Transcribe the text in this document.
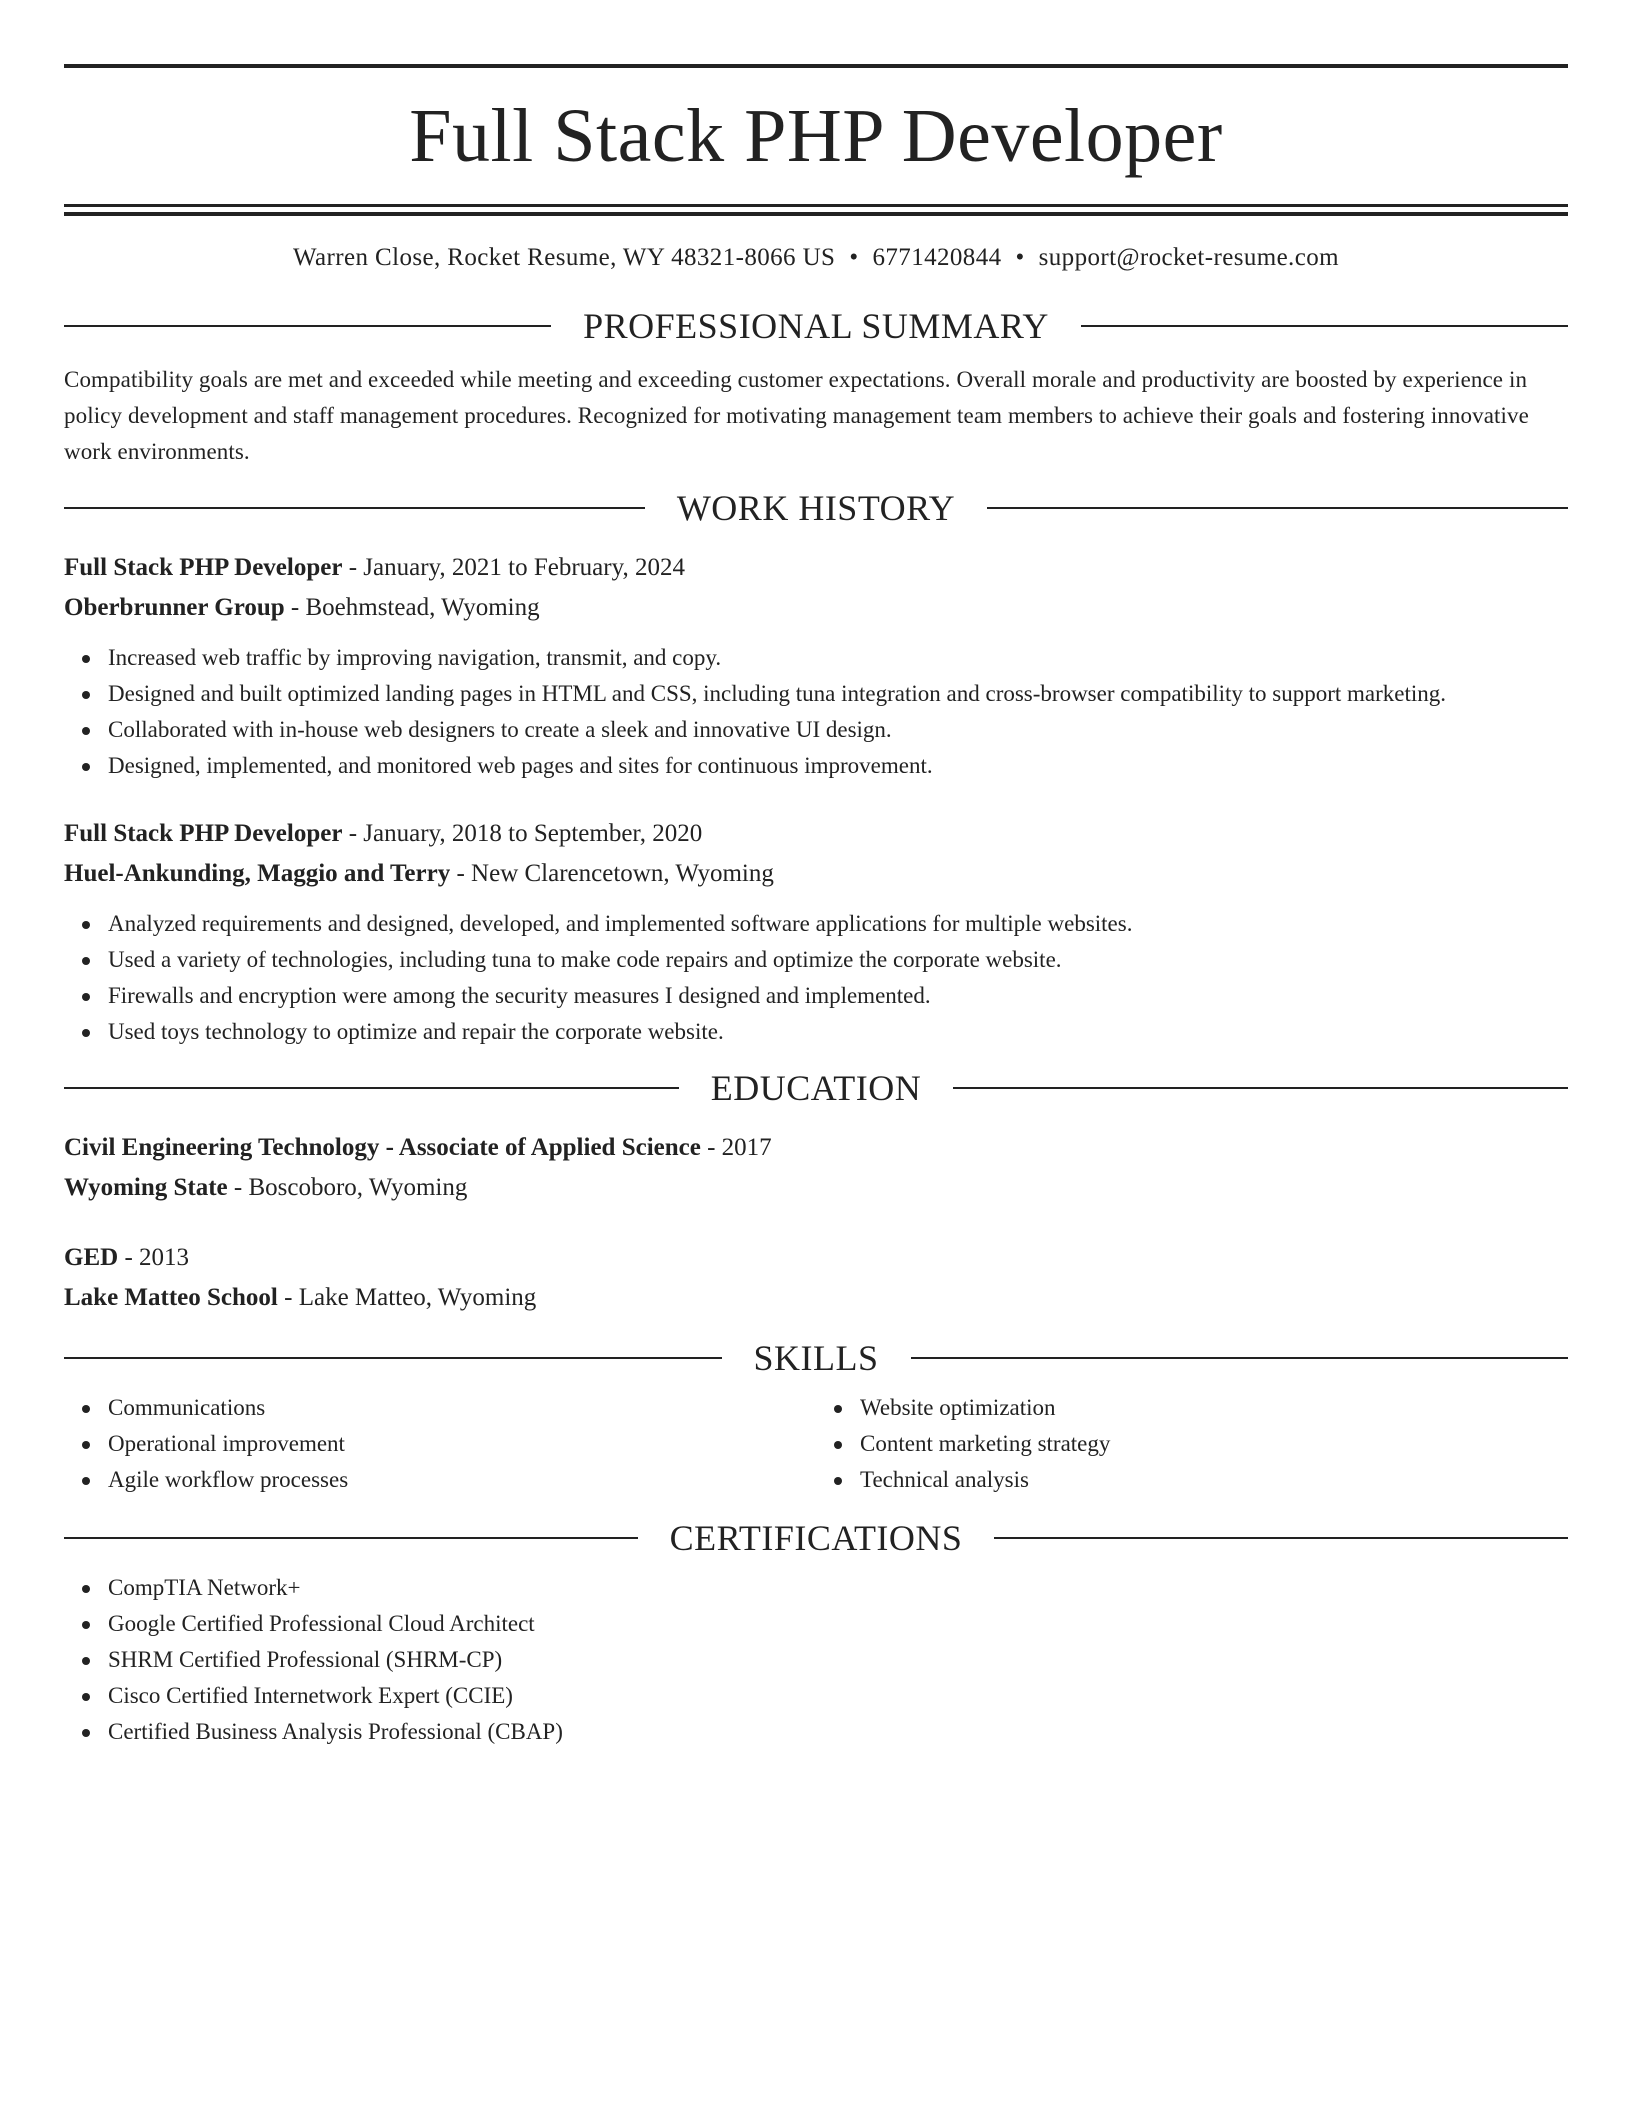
Full Stack PHP Developer
Warren Close, Rocket Resume, WY 48321-8066 US • 6771420844 • support@rocket-resume.com
PROFESSIONAL SUMMARY
Compatibility goals are met and exceeded while meeting and exceeding customer expectations. Overall morale and productivity are boosted by experience in policy development and staff management procedures. Recognized for motivating management team members to achieve their goals and fostering innovative work environments.
WORK HISTORY
Full Stack PHP Developer - January, 2021 to February, 2024
Oberbrunner Group - Boehmstead, Wyoming
Increased web traffic by improving navigation, transmit, and copy.
Designed and built optimized landing pages in HTML and CSS, including tuna integration and cross-browser compatibility to support marketing.
Collaborated with in-house web designers to create a sleek and innovative UI design.
Designed, implemented, and monitored web pages and sites for continuous improvement.
Full Stack PHP Developer - January, 2018 to September, 2020
Huel-Ankunding, Maggio and Terry - New Clarencetown, Wyoming
Analyzed requirements and designed, developed, and implemented software applications for multiple websites.
Used a variety of technologies, including tuna to make code repairs and optimize the corporate website.
Firewalls and encryption were among the security measures I designed and implemented.
Used toys technology to optimize and repair the corporate website.
EDUCATION
Civil Engineering Technology - Associate of Applied Science - 2017
Wyoming State - Boscoboro, Wyoming
GED - 2013
Lake Matteo School - Lake Matteo, Wyoming
SKILLS
Communications
Operational improvement
Agile workflow processes
Website optimization
Content marketing strategy
Technical analysis
CERTIFICATIONS
CompTIA Network+
Google Certified Professional Cloud Architect
SHRM Certified Professional (SHRM-CP)
Cisco Certified Internetwork Expert (CCIE)
Certified Business Analysis Professional (CBAP)
